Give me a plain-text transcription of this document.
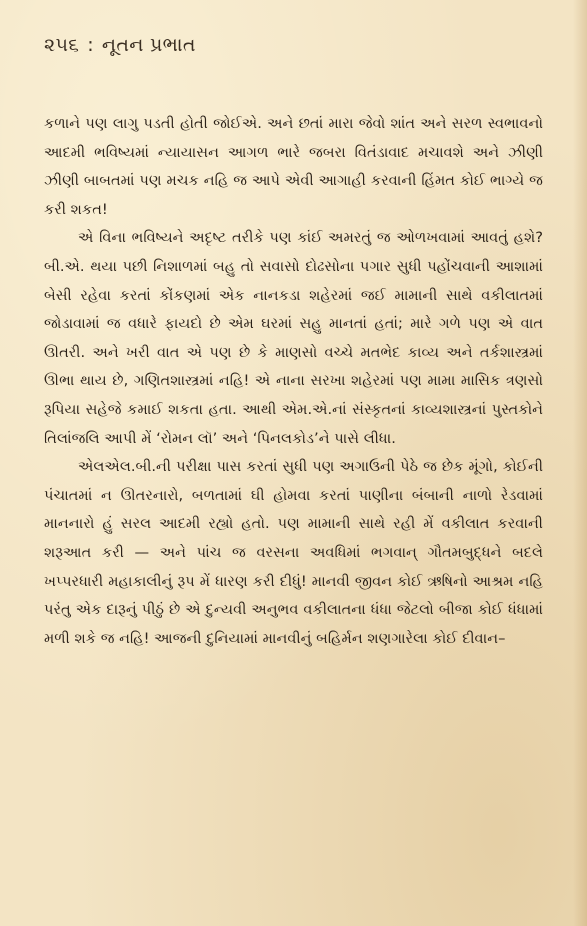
૨૫૬ : નૂતન પ્રભાત

કળાને પણ લાગુ પડતી હોતી જોઈએ. અને છતાં મારા જેવો શાંત અને સરળ સ્વભાવનો આદમી ભવિષ્યમાં ન્યાયાસન આગળ ભારે જબરા વિતંડાવાદ મચાવશે અને ઝીણી ઝીણી બાબતમાં પણ મચક નહિ જ આપે એવી આગાહી કરવાની હિંમત કોઈ ભાગ્યે જ કરી શકત!

એ વિના ભવિષ્યને અદૃષ્ટ તરીકે પણ કાંઈ અમરતું જ ઓળખવામાં આવતું હશે? બી.એ. થયા પછી નિશાળમાં બહુ તો સવાસો દોઢસોના પગાર સુધી પહોંચવાની આશામાં બેસી રહેવા કરતાં કોંકણમાં એક નાનકડા શહેરમાં જઈ મામાની સાથે વકીલાતમાં જોડાવામાં જ વધારે ફાયદો છે એમ ઘરમાં સહુ માનતાં હતાં; મારે ગળે પણ એ વાત ઊતરી. અને ખરી વાત એ પણ છે કે માણસો વચ્ચે મતભેદ કાવ્ય અને તર્કશાસ્ત્રમાં ઊભા થાય છે, ગણિતશાસ્ત્રમાં નહિ! એ નાના સરખા શહેરમાં પણ મામા માસિક ત્રણસો રૂપિયા સહેજે કમાઈ શકતા હતા. આથી એમ.એ.નાં સંસ્કૃતનાં કાવ્યશાસ્ત્રનાં પુસ્તકોને તિલાંજલિ આપી મેં ‘રોમન લૉ’ અને ‘પિનલકોડ’ને પાસે લીધા.

એલએલ.બી.ની પરીક્ષા પાસ કરતાં સુધી પણ અગાઉની પેઠે જ છેક મૂંગો, કોઈની પંચાતમાં ન ઊતરનારો, બળતામાં ઘી હોમવા કરતાં પાણીના બંબાની નાળો રેડવામાં માનનારો હું સરલ આદમી રહ્યો હતો. પણ મામાની સાથે રહી મેં વકીલાત કરવાની શરૂઆત કરી — અને પાંચ જ વરસના અવધિમાં ભગવાન્ ગૌતમબુદ્ધને બદલે ખપ્પરધારી મહાકાલીનું રૂપ મેં ધારણ કરી દીધું! માનવી જીવન કોઈ ઋષિનો આશ્રમ નહિ પરંતુ એક દારૂનું પીઠું છે એ દુન્યવી અનુભવ વકીલાતના ધંધા જેટલો બીજા કોઈ ધંધામાં મળી શકે જ નહિ! આજની દુનિયામાં માનવીનું બહિર્મન શણગારેલા કોઈ દીવાન–
